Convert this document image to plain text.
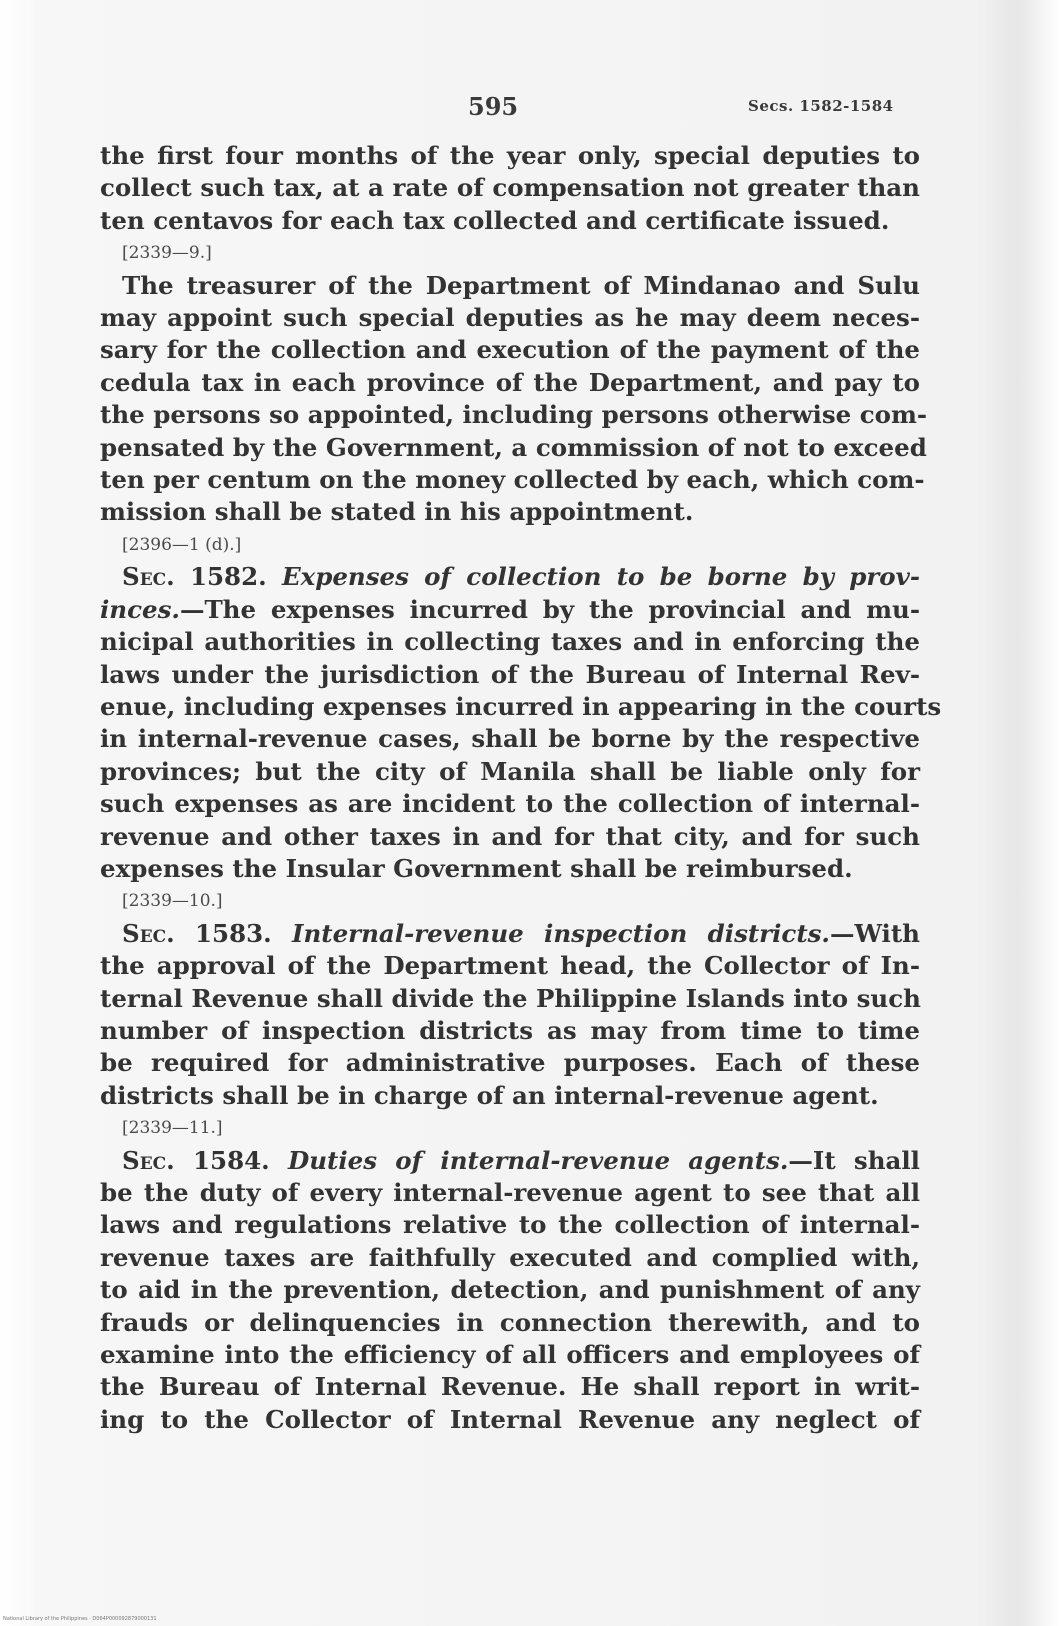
595	Secs. 1582-1584
the first four months of the year only, special deputies to
collect such tax, at a rate of compensation not greater than
ten centavos for each tax collected and certificate issued.
[2339—9.]
The treasurer of the Department of Mindanao and Sulu
may appoint such special deputies as he may deem neces-
sary for the collection and execution of the payment of the
cedula tax in each province of the Department, and pay to
the persons so appointed, including persons otherwise com-
pensated by the Government, a commission of not to exceed
ten per centum on the money collected by each, which com-
mission shall be stated in his appointment.
[2396—1 (d).]
Sec. 1582. Expenses of collection to be borne by prov-
inces.—The expenses incurred by the provincial and mu-
nicipal authorities in collecting taxes and in enforcing the
laws under the jurisdiction of the Bureau of Internal Rev-
enue, including expenses incurred in appearing in the courts
in internal-revenue cases, shall be borne by the respective
provinces; but the city of Manila shall be liable only for
such expenses as are incident to the collection of internal-
revenue and other taxes in and for that city, and for such
expenses the Insular Government shall be reimbursed.
[2339—10.]
Sec. 1583. Internal-revenue inspection districts.—With
the approval of the Department head, the Collector of In-
ternal Revenue shall divide the Philippine Islands into such
number of inspection districts as may from time to time
be required for administrative purposes. Each of these
districts shall be in charge of an internal-revenue agent.
[2339—11.]
Sec. 1584. Duties of internal-revenue agents.—It shall
be the duty of every internal-revenue agent to see that all
laws and regulations relative to the collection of internal-
revenue taxes are faithfully executed and complied with,
to aid in the prevention, detection, and punishment of any
frauds or delinquencies in connection therewith, and to
examine into the efficiency of all officers and employees of
the Bureau of Internal Revenue. He shall report in writ-
ing to the Collector of Internal Revenue any neglect of
National Library of the Philippines · D064P000092879000131
